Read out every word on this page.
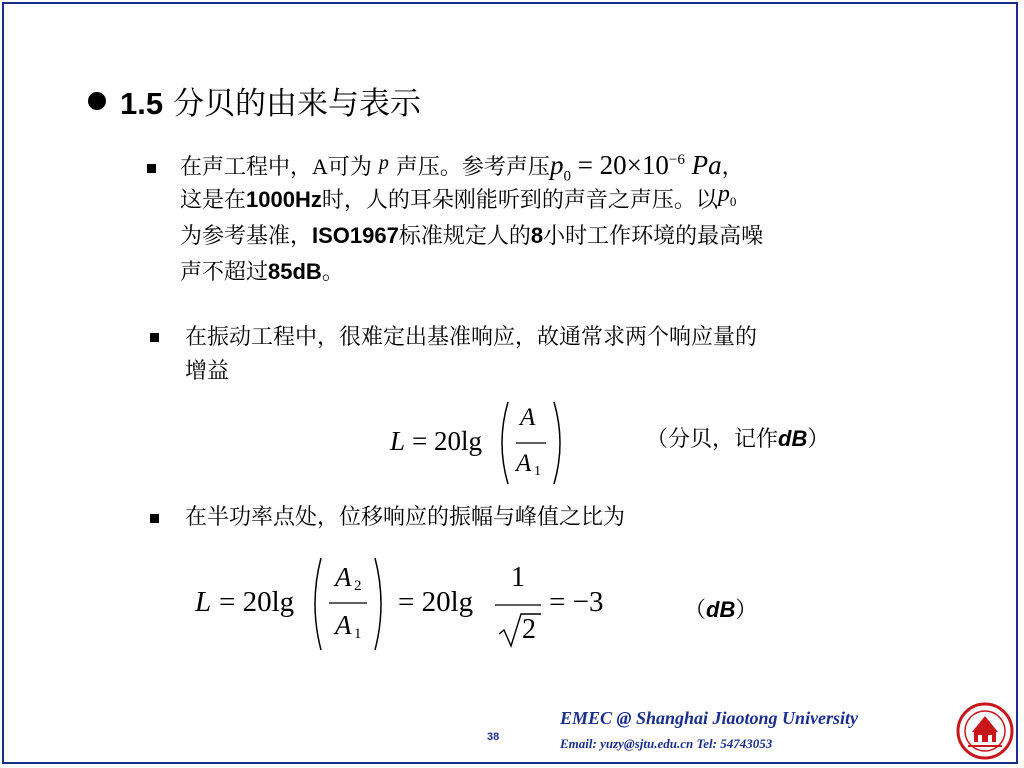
1.5 分贝的由来与表示
在声工程中，A可为 p 声压。参考声压$p_0 = 20\times 10^{-6}$ Pa，
这是在1000Hz时，人的耳朵刚能听到的声音之声压。以$p_0$
为参考基准，ISO1967标准规定人的8小时工作环境的最高噪
声不超过85dB。
在振动工程中，很难定出基准响应，故通常求两个响应量的
增益
L = 20lg
A
A 1
（分贝，记作dB）
在半功率点处，位移响应的振幅与峰值之比为
L = 20lg
A 2
A 1
= 20lg
1
2
= −3	（dB）
38
EMEC @ Shanghai Jiaotong University
Email: yuzy@sjtu.edu.cn Tel: 54743053
